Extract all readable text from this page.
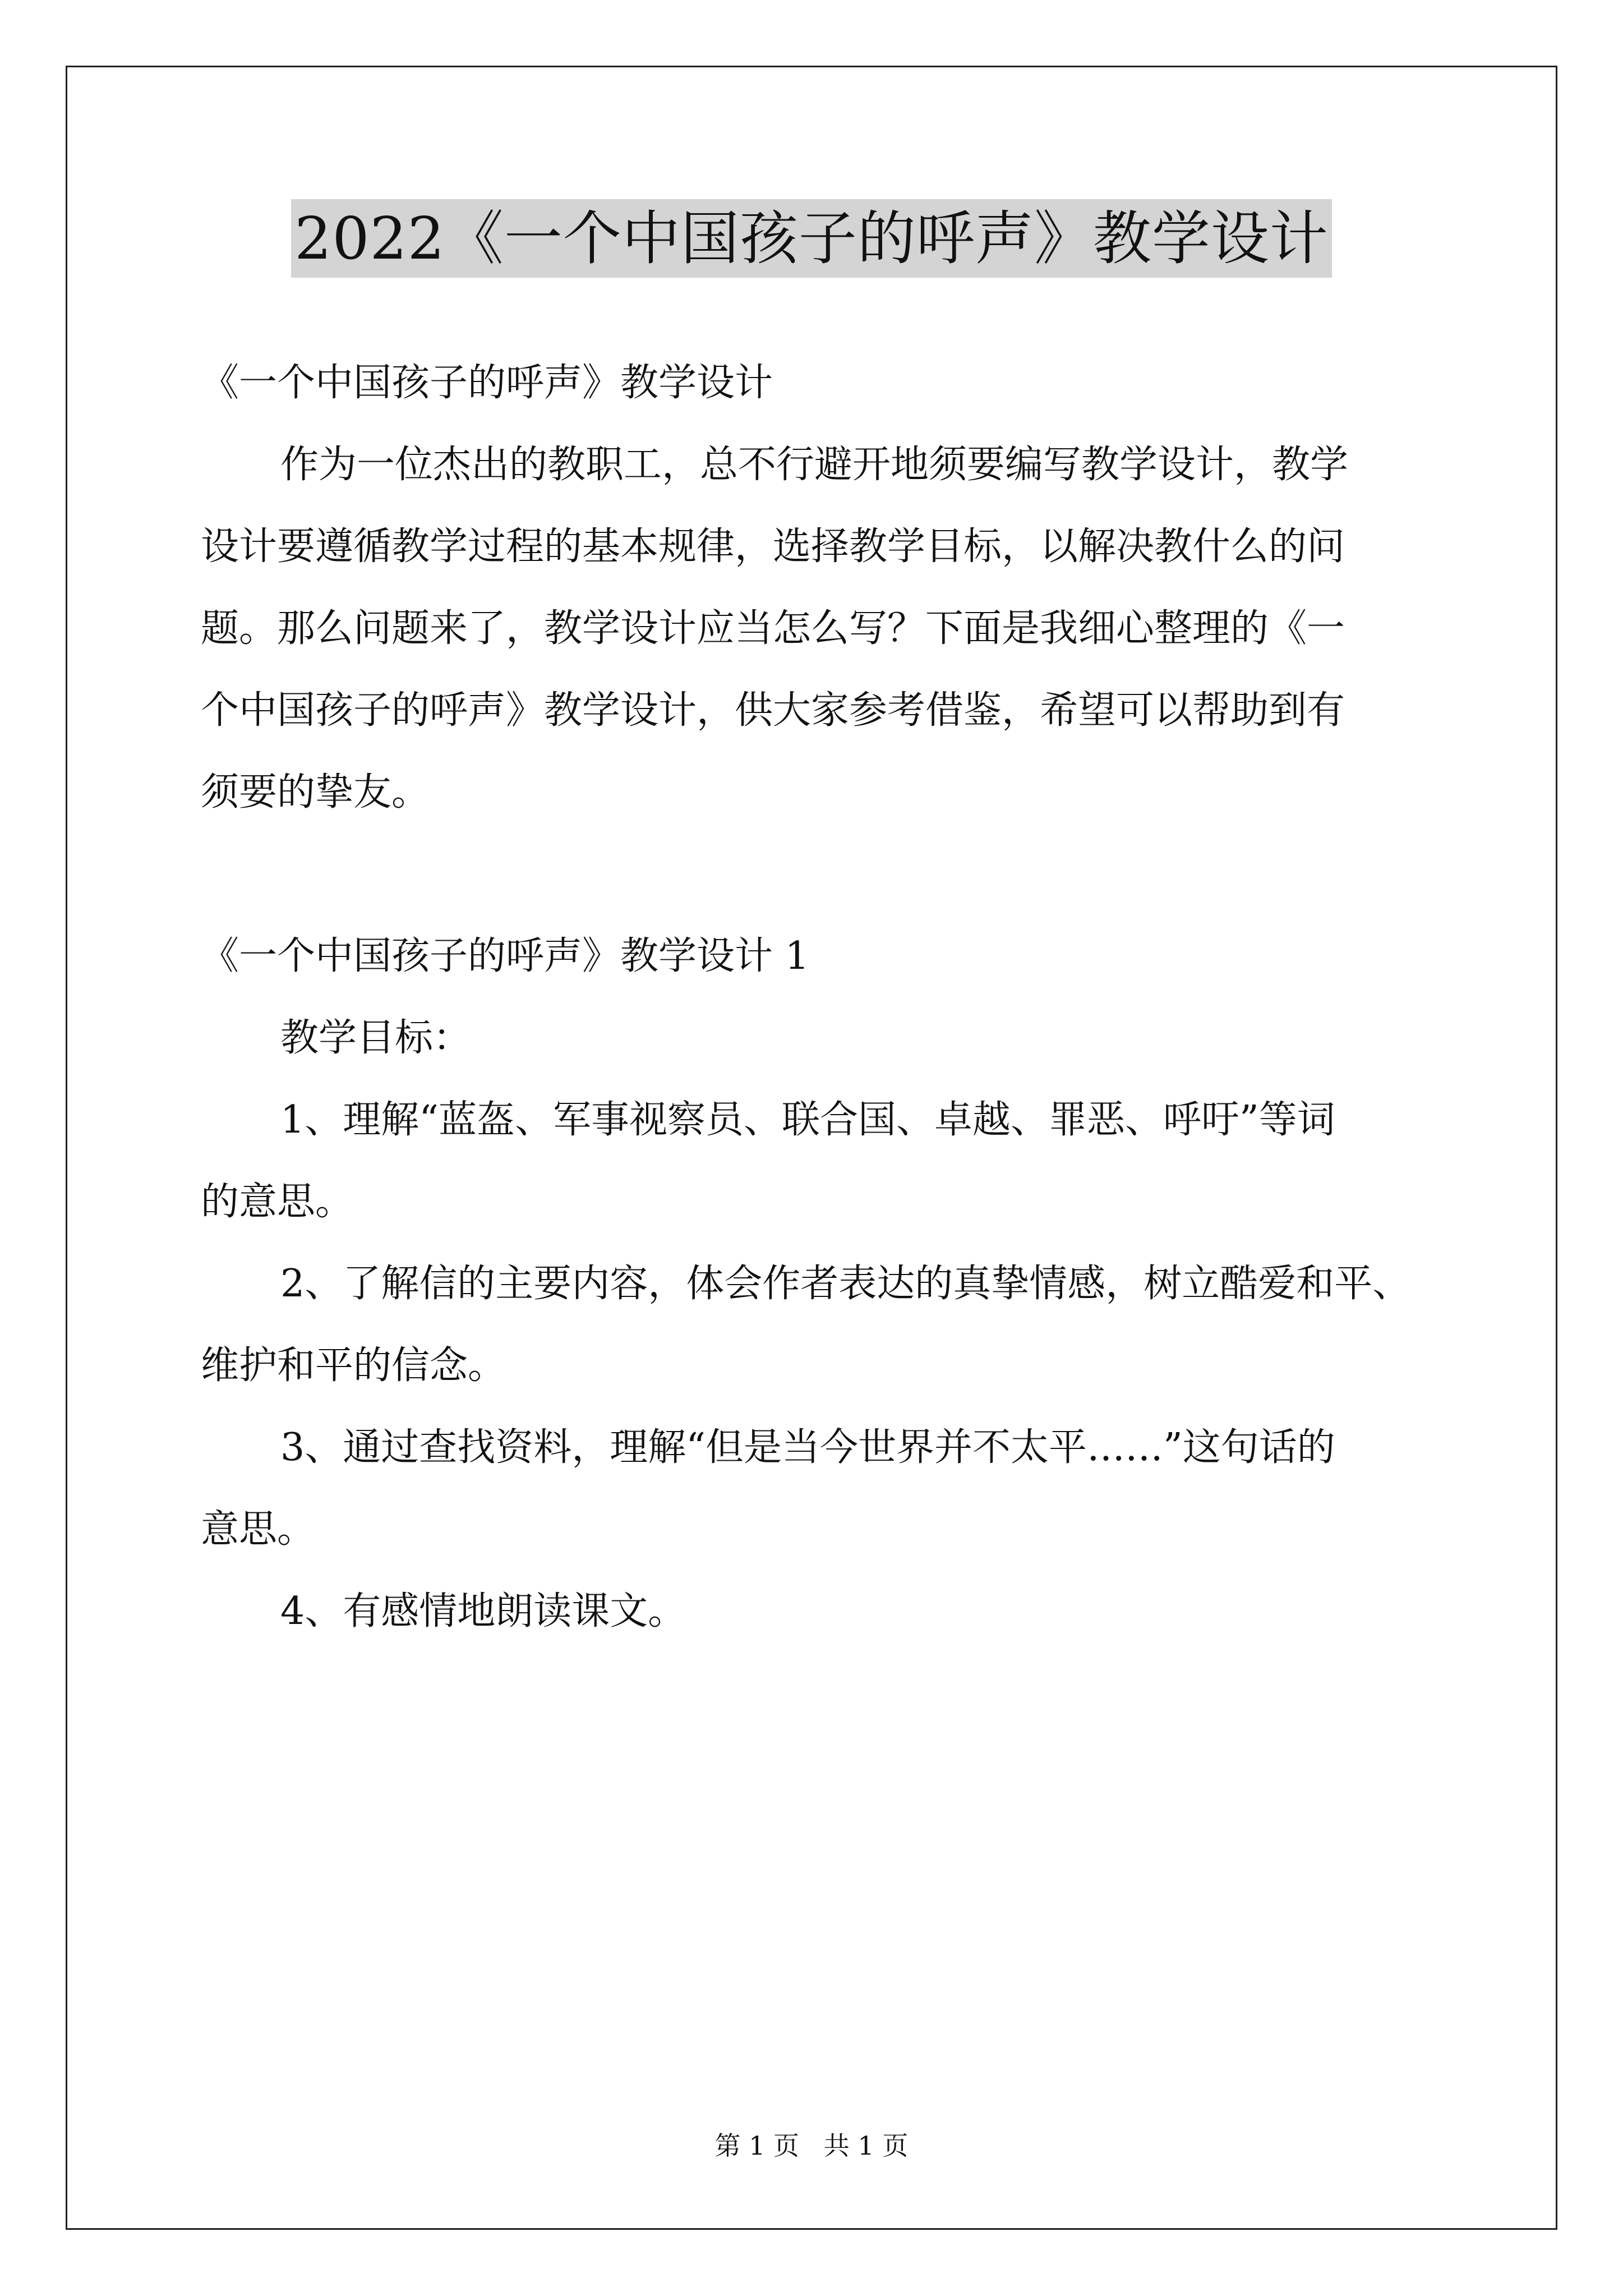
2022《一个中国孩子的呼声》教学设计

《一个中国孩子的呼声》教学设计

作为一位杰出的教职工，总不行避开地须要编写教学设计，教学

设计要遵循教学过程的基本规律，选择教学目标，以解决教什么的问

题。那么问题来了，教学设计应当怎么写？下面是我细心整理的《一

个中国孩子的呼声》教学设计，供大家参考借鉴，希望可以帮助到有

须要的挚友。

《一个中国孩子的呼声》教学设计 1

教学目标：

1、理解“蓝盔、军事视察员、联合国、卓越、罪恶、呼吁”等词

的意思。

2、了解信的主要内容，体会作者表达的真挚情感，树立酷爱和平、

维护和平的信念。

3、通过查找资料，理解“但是当今世界并不太平……”这句话的

意思。

4、有感情地朗读课文。

第 1 页   共 1 页
